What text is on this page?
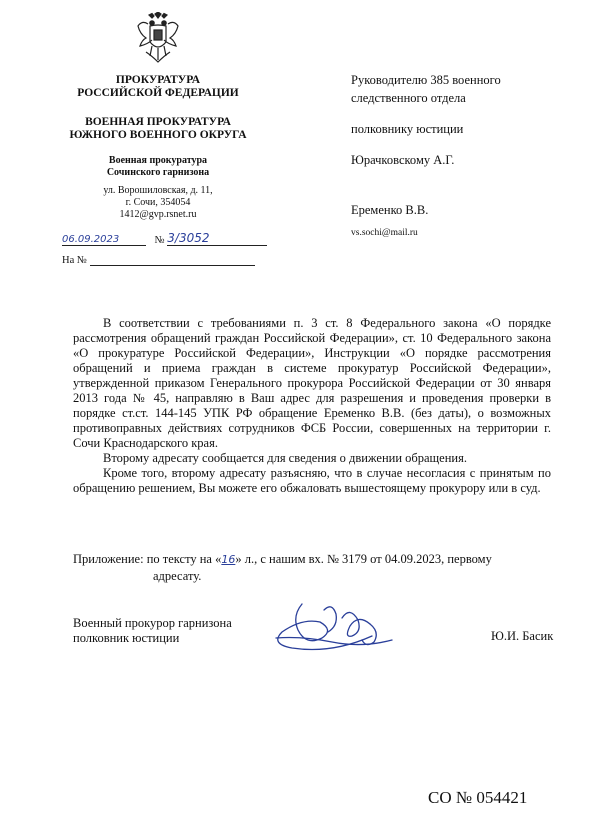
ПРОКУРАТУРА
РОССИЙСКОЙ ФЕДЕРАЦИИ
ВОЕННАЯ ПРОКУРАТУРА
ЮЖНОГО ВОЕННОГО ОКРУГА
Военная прокуратура
Сочинского гарнизона
ул. Ворошиловская, д. 11,
г. Сочи, 354054
1412@gvp.rsnet.ru
06.09.2023	№ 3/3052
На №
Руководителю 385 военного
следственного отдела
полковнику юстиции
Юрачковскому А.Г.
Еременко В.В.
vs.sochi@mail.ru

В соответствии с требованиями п. 3 ст. 8 Федерального закона «О порядке рассмотрения обращений граждан Российской Федерации», ст. 10 Федерального закона «О прокуратуре Российской Федерации», Инструкции «О порядке рассмотрения обращений и приема граждан в системе прокуратур Российской Федерации», утвержденной приказом Генерального прокурора Российской Федерации от 30 января 2013 года № 45, направляю в Ваш адрес для разрешения и проведения проверки в порядке ст.ст. 144-145 УПК РФ обращение Еременко В.В. (без даты), о возможных противоправных действиях сотрудников ФСБ России, совершенных на территории г. Сочи Краснодарского края.

Второму адресату сообщается для сведения о движении обращения.

Кроме того, второму адресату разъясняю, что в случае несогласия с принятым по обращению решением, Вы можете его обжаловать вышестоящему прокурору или в суд.

Приложение: по тексту на «16» л., с нашим вх. № 3179 от 04.09.2023, первому
адресату.
Военный прокурор гарнизона
полковник юстиции	Ю.И. Басик
СО № 054421
